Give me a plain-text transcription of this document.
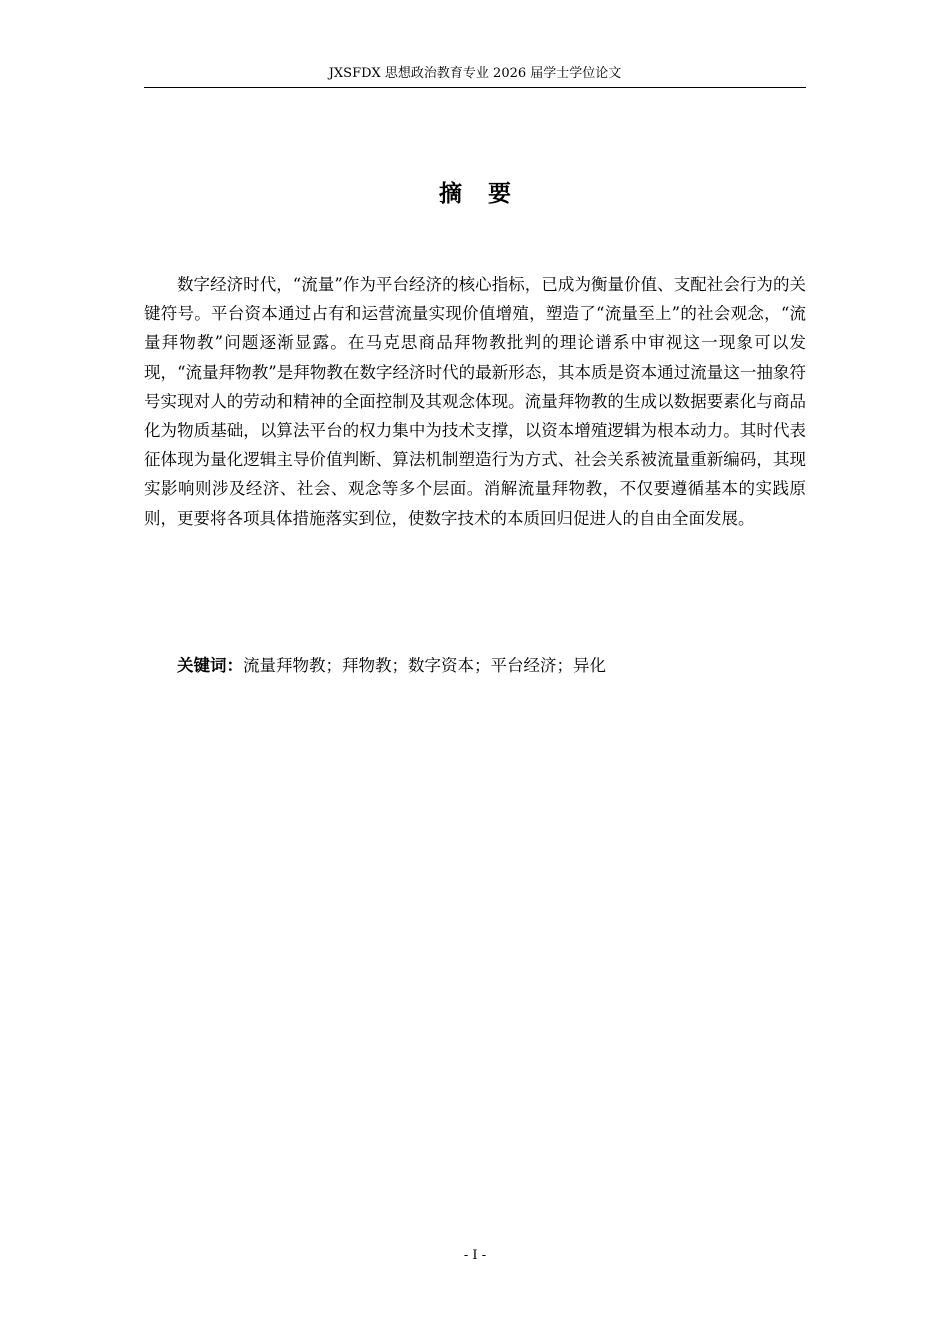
JXSFDX 思想政治教育专业 2026 届学士学位论文
摘 要

数字经济时代，“流量”作为平台经济的核心指标，已成为衡量价值、支配社会行为的关键符号。平台资本通过占有和运营流量实现价值增殖，塑造了“流量至上”的社会观念，“流量拜物教”问题逐渐显露。在马克思商品拜物教批判的理论谱系中审视这一现象可以发现，“流量拜物教”是拜物教在数字经济时代的最新形态，其本质是资本通过流量这一抽象符号实现对人的劳动和精神的全面控制及其观念体现。流量拜物教的生成以数据要素化与商品化为物质基础，以算法平台的权力集中为技术支撑，以资本增殖逻辑为根本动力。其时代表征体现为量化逻辑主导价值判断、算法机制塑造行为方式、社会关系被流量重新编码，其现实影响则涉及经济、社会、观念等多个层面。消解流量拜物教，不仅要遵循基本的实践原则，更要将各项具体措施落实到位，使数字技术的本质回归促进人的自由全面发展。

关键词：流量拜物教；拜物教；数字资本；平台经济；异化
- I -
